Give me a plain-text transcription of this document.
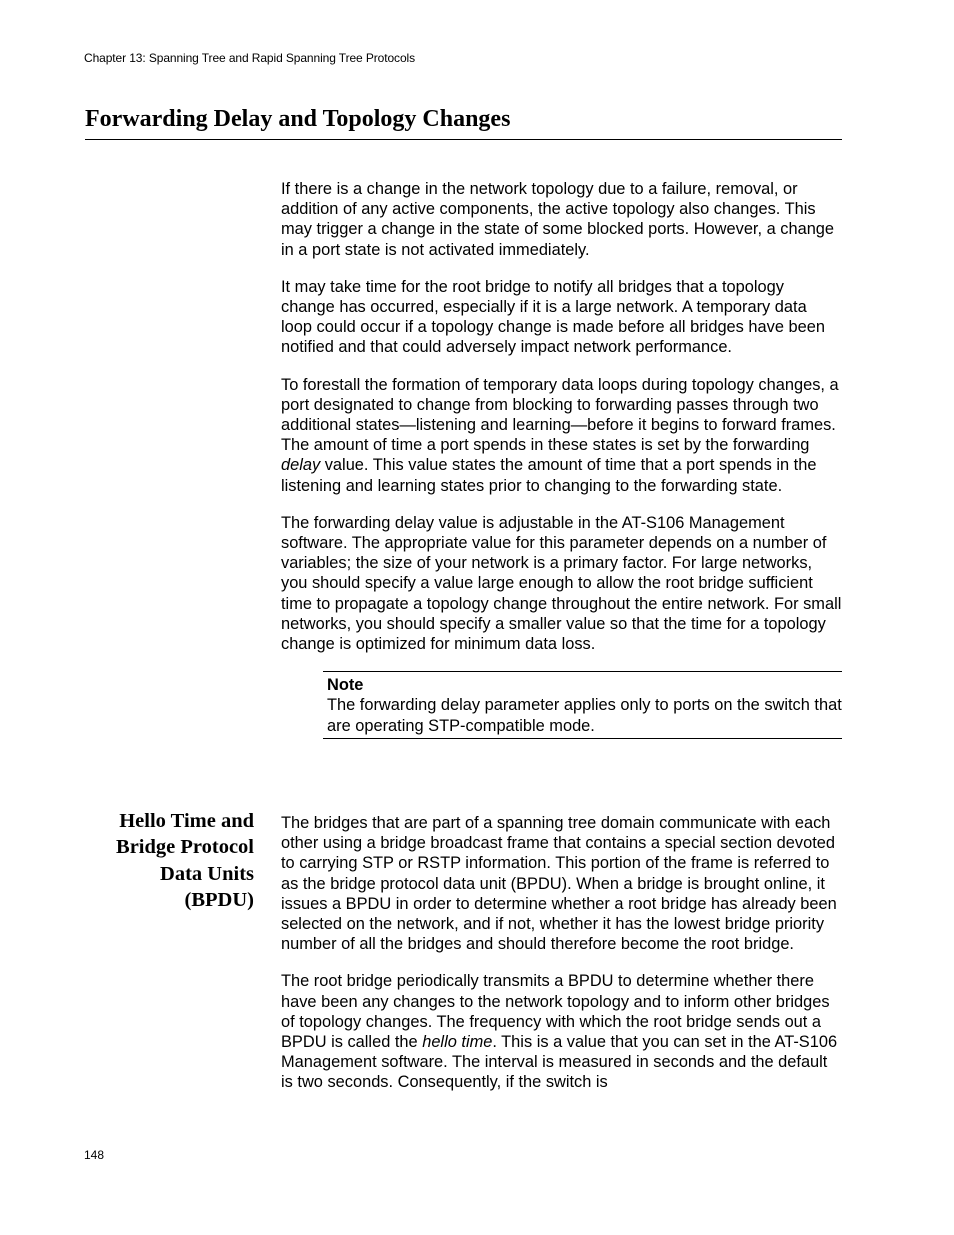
Chapter 13: Spanning Tree and Rapid Spanning Tree Protocols
Forwarding Delay and Topology Changes

If there is a change in the network topology due to a failure, removal, or addition of any active components, the active topology also changes. This may trigger a change in the state of some blocked ports. However, a change in a port state is not activated immediately.

It may take time for the root bridge to notify all bridges that a topology change has occurred, especially if it is a large network. A temporary data loop could occur if a topology change is made before all bridges have been notified and that could adversely impact network performance.

To forestall the formation of temporary data loops during topology changes, a port designated to change from blocking to forwarding passes through two additional states—listening and learning—before it begins to forward frames. The amount of time a port spends in these states is set by the forwarding delay value. This value states the amount of time that a port spends in the listening and learning states prior to changing to the forwarding state.

The forwarding delay value is adjustable in the AT-S106 Management software. The appropriate value for this parameter depends on a number of variables; the size of your network is a primary factor. For large networks, you should specify a value large enough to allow the root bridge sufficient time to propagate a topology change throughout the entire network. For small networks, you should specify a smaller value so that the time for a topology change is optimized for minimum data loss.

Note
The forwarding delay parameter applies only to ports on the switch that are operating STP-compatible mode.
Hello Time and
Bridge Protocol
Data Units
(BPDU)

The bridges that are part of a spanning tree domain communicate with each other using a bridge broadcast frame that contains a special section devoted to carrying STP or RSTP information. This portion of the frame is referred to as the bridge protocol data unit (BPDU). When a bridge is brought online, it issues a BPDU in order to determine whether a root bridge has already been selected on the network, and if not, whether it has the lowest bridge priority number of all the bridges and should therefore become the root bridge.

The root bridge periodically transmits a BPDU to determine whether there have been any changes to the network topology and to inform other bridges of topology changes. The frequency with which the root bridge sends out a BPDU is called the hello time. This is a value that you can set in the AT-S106 Management software. The interval is measured in seconds and the default is two seconds. Consequently, if the switch is

148
